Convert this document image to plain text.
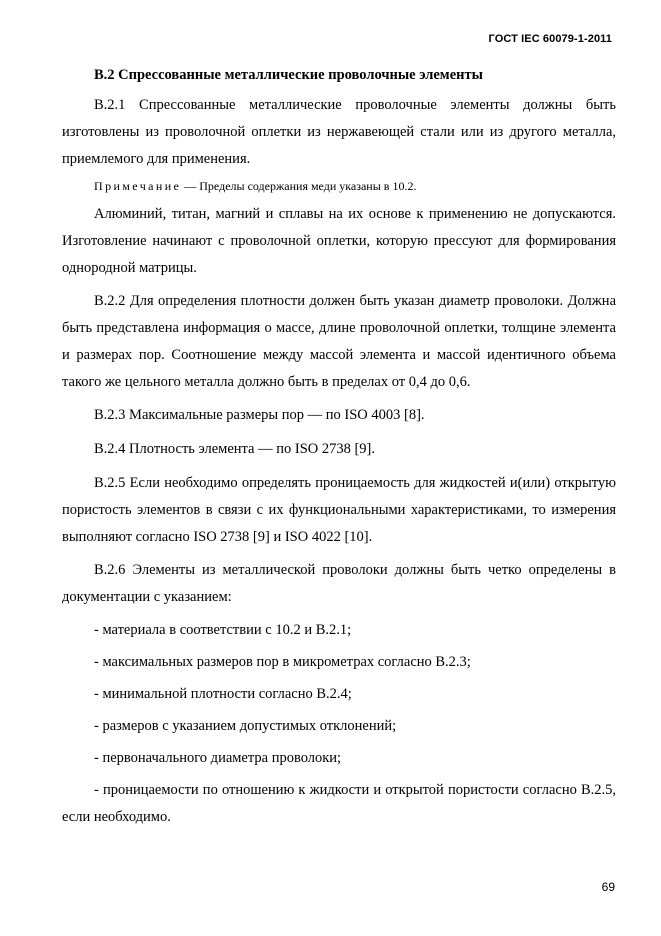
ГОСТ IEC 60079-1-2011
В.2 Спрессованные металлические проволочные элементы

В.2.1 Спрессованные металлические проволочные элементы должны быть изготовлены из проволочной оплетки из нержавеющей стали или из другого металла, приемлемого для применения.

Примечание — Пределы содержания меди указаны в 10.2.

Алюминий, титан, магний и сплавы на их основе к применению не допускаются. Изготовление начинают с проволочной оплетки, которую прессуют для формирования однородной матрицы.

В.2.2 Для определения плотности должен быть указан диаметр проволоки. Должна быть представлена информация о массе, длине проволочной оплетки, толщине элемента и размерах пор. Соотношение между массой элемента и массой идентичного объема такого же цельного металла должно быть в пределах от 0,4 до 0,6.

В.2.3 Максимальные размеры пор — по ISO 4003 [8].

В.2.4 Плотность элемента — по ISO 2738 [9].

В.2.5 Если необходимо определять проницаемость для жидкостей и(или) открытую пористость элементов в связи с их функциональными характеристиками, то измерения выполняют согласно ISO 2738 [9] и ISO 4022 [10].

В.2.6 Элементы из металлической проволоки должны быть четко определены в документации с указанием:

- материала в соответствии с 10.2 и В.2.1;

- максимальных размеров пор в микрометрах согласно В.2.3;

- минимальной плотности согласно В.2.4;

- размеров с указанием допустимых отклонений;

- первоначального диаметра проволоки;

- проницаемости по отношению к жидкости и открытой пористости согласно В.2.5, если необходимо.

69
